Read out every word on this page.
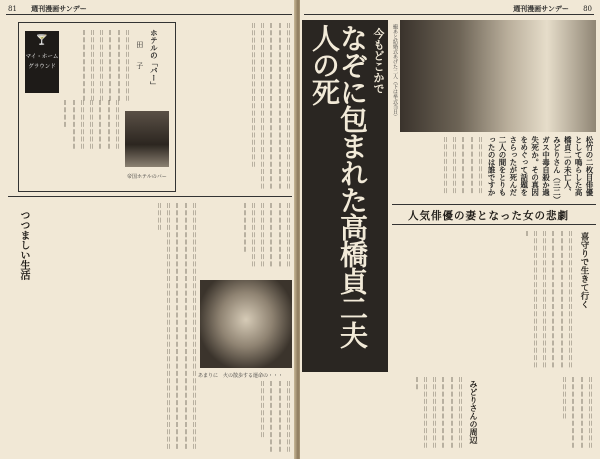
81 週刊漫画サンデー
🍸
マイ・ホーム
グラウンド	ホテルの「バー」
田　　子
＝＝＝＝＝＝＝＝＝＝＝＝＝＝＝＝＝＝＝＝＝＝＝＝＝＝＝＝＝＝＝＝＝＝＝＝＝＝＝＝＝＝＝＝＝＝＝＝＝＝＝＝＝＝＝＝＝＝＝＝
＝＝＝＝＝＝＝＝＝＝＝＝＝＝＝＝＝＝＝＝＝＝＝＝＝＝＝＝＝＝＝＝＝＝＝＝＝＝＝＝＝＝＝＝＝＝
帝国ホテルのバー	＝＝＝＝＝＝＝＝＝＝＝＝＝＝＝＝＝＝＝＝＝＝＝＝＝＝＝＝＝＝＝＝＝＝＝＝＝＝＝＝＝＝＝＝＝＝＝＝＝＝＝＝＝＝＝＝＝＝＝＝＝＝＝＝＝＝＝＝＝＝＝＝＝＝＝＝＝＝＝＝＝＝＝＝＝＝＝＝＝＝＝＝＝＝＝＝＝＝＝＝＝＝＝＝＝＝＝＝＝＝＝＝
つつましい生活	＝＝＝＝＝＝＝＝＝＝＝＝＝＝＝＝＝＝＝＝＝＝＝＝＝＝＝＝＝＝＝＝＝＝＝＝＝＝＝＝＝＝＝＝＝＝＝＝＝＝＝＝＝＝＝＝＝＝＝＝＝＝＝＝＝＝＝＝＝＝＝＝＝＝＝＝＝＝＝＝＝＝＝＝＝＝＝＝＝＝＝＝＝＝＝＝＝＝＝＝＝＝＝＝＝＝＝＝＝＝＝＝＝＝＝＝＝＝＝＝＝＝＝＝＝＝＝＝＝＝＝＝＝＝＝＝＝＝＝＝	＝＝＝＝＝＝＝＝＝＝＝＝＝＝＝＝＝＝＝＝＝＝＝＝＝＝＝＝＝＝＝＝＝＝＝＝＝＝＝＝＝＝＝＝＝＝＝＝＝＝＝＝
あまりに　火の散歩する運命の・・・
＝＝＝＝＝＝＝＝＝＝＝＝＝＝＝＝＝＝＝＝＝＝＝＝＝＝＝＝＝＝＝＝＝＝＝＝＝＝
週刊漫画サンデー 80
今もどこかで
なぞに包まれた高橋貞二夫人の死	撮あと結婚式あげた二人（下は挙式当日）
松竹の二枚目俳優として鳴らした高橋貞二の未亡人、みどりさん（三二）ガス中毒自殺か過失死か。その真因をめぐって話題をさらったが死んだ二人の間をとりもったのは誰ですか
＝＝＝＝＝＝＝＝＝＝＝＝＝＝＝＝＝＝＝＝＝＝＝＝＝＝＝＝＝＝＝＝＝＝＝＝＝＝＝＝
人気俳優の妻となった女の悲劇
喜守りで生きて行く
＝＝＝＝＝＝＝＝＝＝＝＝＝＝＝＝＝＝＝＝＝＝＝＝＝＝＝＝＝＝＝＝＝＝＝＝＝＝＝＝＝＝＝＝＝＝＝＝＝＝＝＝＝＝＝＝＝＝＝＝＝＝＝＝＝＝＝＝＝＝＝＝＝＝＝＝＝＝＝＝＝＝＝＝＝＝＝＝＝＝＝＝＝＝＝＝
みどりさんの周辺
＝＝＝＝＝＝＝＝＝＝＝＝＝＝＝＝＝＝＝＝＝＝＝＝＝＝＝＝＝＝＝＝＝＝＝＝＝＝＝＝＝＝＝＝＝＝＝＝＝＝＝＝	＝＝＝＝＝＝＝＝＝＝＝＝＝＝＝＝＝＝＝＝＝＝＝＝＝＝＝＝＝＝＝＝＝＝＝＝
